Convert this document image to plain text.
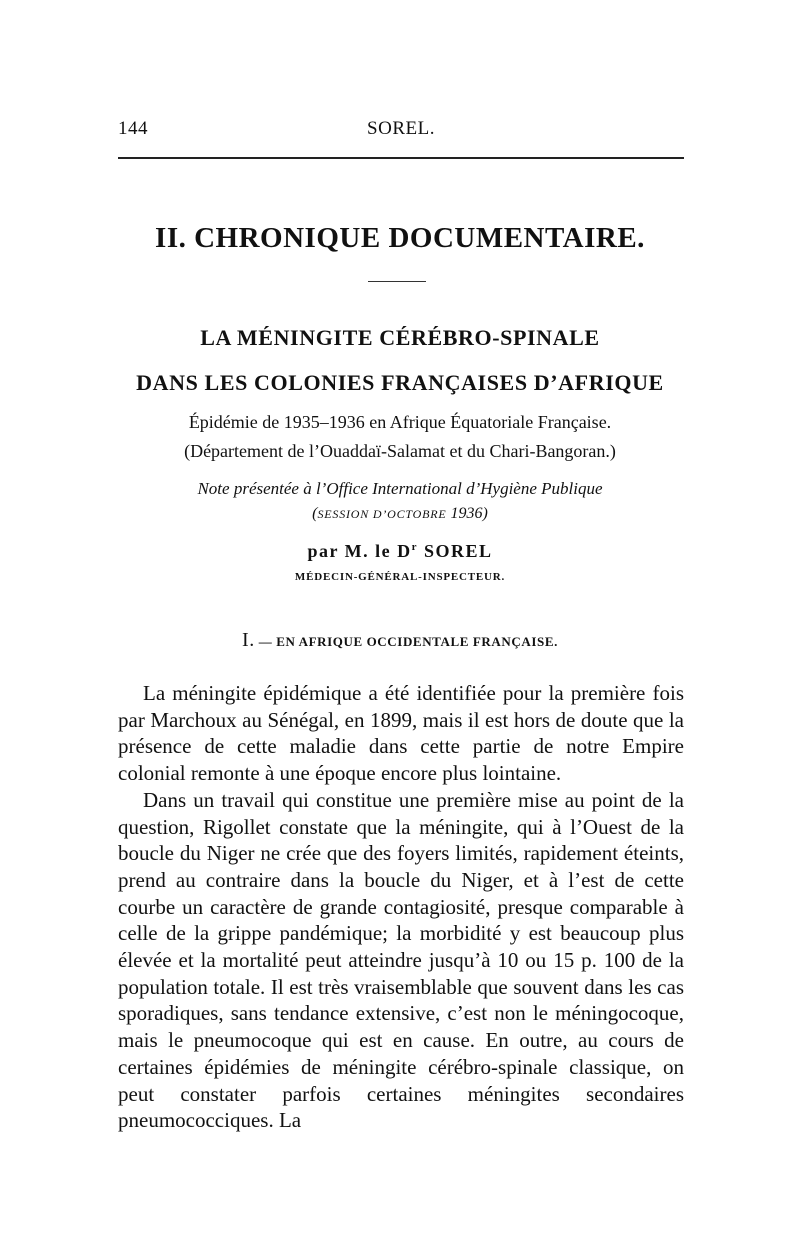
144	SOREL.
II. CHRONIQUE DOCUMENTAIRE.
LA MÉNINGITE CÉRÉBRO-SPINALE
DANS LES COLONIES FRANÇAISES D’AFRIQUE
Épidémie de 1935–1936 en Afrique Équatoriale Française.
(Département de l’Ouaddaï-Salamat et du Chari-Bangoran.)
Note présentée à l’Office International d’Hygiène Publique
(SESSION D’OCTOBRE 1936)
par M. le $D^r$ SOREL
MÉDECIN-GÉNÉRAL-INSPECTEUR.
I. — EN AFRIQUE OCCIDENTALE FRANÇAISE.

La méningite épidémique a été identifiée pour la première fois par Marchoux au Sénégal, en 1899, mais il est hors de doute que la présence de cette maladie dans cette partie de notre Empire colonial remonte à une époque encore plus lointaine.

Dans un travail qui constitue une première mise au point de la question, Rigollet constate que la méningite, qui à l’Ouest de la boucle du Niger ne crée que des foyers limités, rapidement éteints, prend au contraire dans la boucle du Niger, et à l’est de cette courbe un caractère de grande contagiosité, presque comparable à celle de la grippe pandémique; la morbidité y est beaucoup plus élevée et la mortalité peut atteindre jusqu’à 10 ou 15 p. 100 de la population totale. Il est très vraisemblable que souvent dans les cas sporadiques, sans tendance extensive, c’est non le méningocoque, mais le pneumocoque qui est en cause. En outre, au cours de certaines épidémies de méningite cérébro-spinale classique, on peut constater parfois certaines méningites secondaires pneumococciques. La
